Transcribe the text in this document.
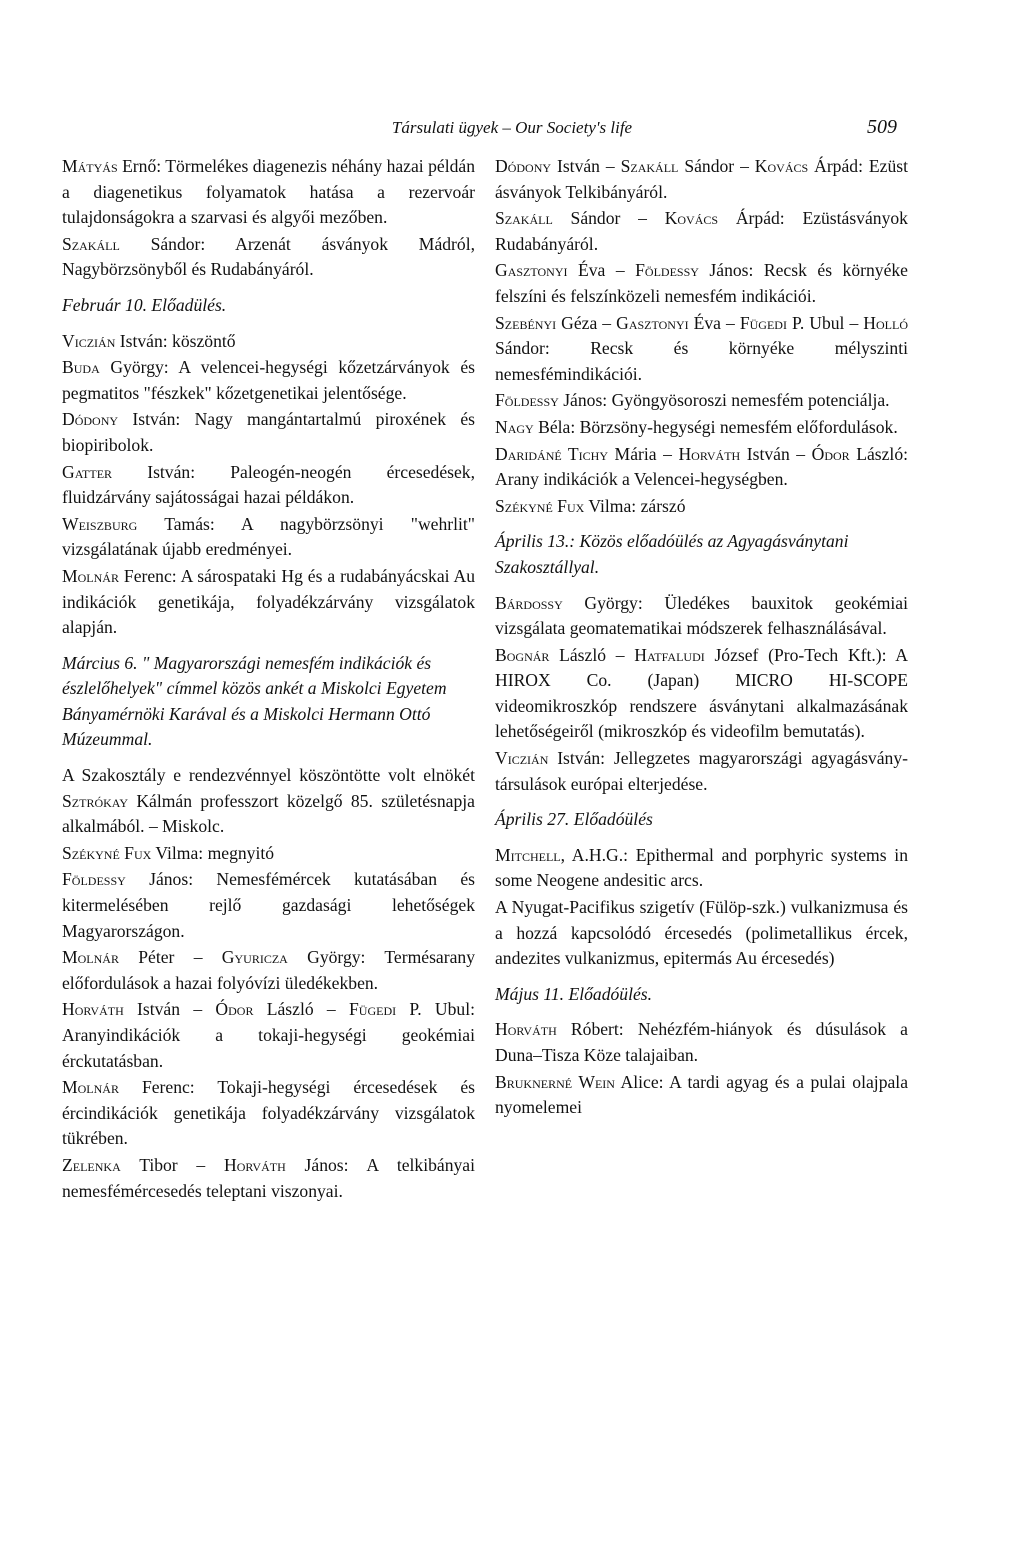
Társulati ügyek – Our Society's life	509

Mátyás Ernő: Törmelékes diagenezis néhány hazai példán a diagenetikus folyamatok hatása a rezervoár tulajdonságokra a szarvasi és algyői mezőben.

Szakáll Sándor: Arzenát ásványok Mádról, Nagybörzsönyből és Rudabányáról.

Február 10. Előadülés.

Viczián István: köszöntő

Buda György: A velencei-hegységi kőzetzárványok és pegmatitos "fészkek" kőzetgenetikai jelentősége.

Dódony István: Nagy mangántartalmú piroxének és biopiribolok.

Gatter István: Paleogén-neogén ércesedések, fluidzárvány sajátosságai hazai példákon.

Weiszburg Tamás: A nagybörzsönyi "wehrlit" vizsgálatának újabb eredményei.

Molnár Ferenc: A sárospataki Hg és a rudabányácskai Au indikációk genetikája, folyadékzárvány vizsgálatok alapján.

Március 6. " Magyarországi nemesfém indikációk és észlelőhelyek" címmel közös ankét a Miskolci Egyetem Bányamérnöki Karával és a Miskolci Hermann Ottó Múzeummal.

A Szakosztály e rendezvénnyel köszöntötte volt elnökét Sztrókay Kálmán professzort közelgő 85. születésnapja alkalmából. – Miskolc.

Székyné Fux Vilma: megnyitó

Földessy János: Nemesfémércek kutatásában és kitermelésében rejlő gazdasági lehetőségek Magyarországon.

Molnár Péter – Gyuricza György: Termésarany előfordulások a hazai folyóvízi üledékekben.

Horváth István – Ódor László – Fügedi P. Ubul: Aranyindikációk a tokaji-hegységi geokémiai érckutatásban.

Molnár Ferenc: Tokaji-hegységi ércesedések és ércindikációk genetikája folyadékzárvány vizsgálatok tükrében.

Zelenka Tibor – Horváth János: A telkibányai nemesfémércesedés teleptani viszonyai.

Dódony István – Szakáll Sándor – Kovács Árpád: Ezüst ásványok Telkibányáról.

Szakáll Sándor – Kovács Árpád: Ezüstásványok Rudabányáról.

Gasztonyi Éva – Földessy János: Recsk és környéke felszíni és felszínközeli nemesfém indikációi.

Szebényi Géza – Gasztonyi Éva – Fügedi P. Ubul – Holló Sándor: Recsk és környéke mélyszinti nemesfémindikációi.

Földessy János: Gyöngyösoroszi nemesfém potenciálja.

Nagy Béla: Börzsöny-hegységi nemesfém előfordulások.

Daridáné Tichy Mária – Horváth István – Ódor László: Arany indikációk a Velencei-hegységben.

Székyné Fux Vilma: zárszó

Április 13.: Közös előadóülés az Agyagásványtani Szakosztállyal.

Bárdossy György: Üledékes bauxitok geokémiai vizsgálata geomatematikai módszerek felhasználásával.

Bognár László – Hatfaludi József (Pro-Tech Kft.): A HIROX Co. (Japan) MICRO HI-SCOPE videomikroszkóp rendszere ásványtani alkalmazásának lehetőségeiről (mikroszkóp és videofilm bemutatás).

Viczián István: Jellegzetes magyarországi agyagásvány-társulások európai elterjedése.

Április 27. Előadóülés

Mitchell, A.H.G.: Epithermal and porphyric systems in some Neogene andesitic arcs.

A Nyugat-Pacifikus szigetív (Fülöp-szk.) vulkanizmusa és a hozzá kapcsolódó ércesedés (polimetallikus ércek, andezites vulkanizmus, epitermás Au ércesedés)

Május 11. Előadóülés.

Horváth Róbert: Nehézfém-hiányok és dúsulások a Duna–Tisza Köze talajaiban.

Bruknerné Wein Alice: A tardi agyag és a pulai olajpala nyomelemei
